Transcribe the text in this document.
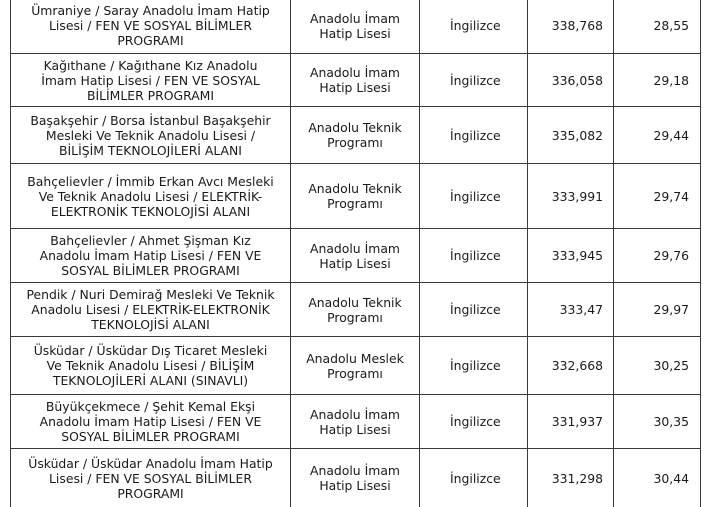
Ümraniye / Saray Anadolu İmam Hatip Lisesi / FEN VE SOSYAL BİLİMLER PROGRAMI	Anadolu İmam Hatip Lisesi	İngilizce	338,768	28,55
Kağıthane / Kağıthane Kız Anadolu İmam Hatip Lisesi / FEN VE SOSYAL BİLİMLER PROGRAMI	Anadolu İmam Hatip Lisesi	İngilizce	336,058	29,18
Başakşehir / Borsa İstanbul Başakşehir Mesleki Ve Teknik Anadolu Lisesi / BİLİŞİM TEKNOLOJİLERİ ALANI	Anadolu Teknik Programı	İngilizce	335,082	29,44
Bahçelievler / İmmib Erkan Avcı Mesleki Ve Teknik Anadolu Lisesi / ELEKTRİK-ELEKTRONİK TEKNOLOJİSİ ALANI	Anadolu Teknik Programı	İngilizce	333,991	29,74
Bahçelievler / Ahmet Şişman Kız Anadolu İmam Hatip Lisesi / FEN VE SOSYAL BİLİMLER PROGRAMI	Anadolu İmam Hatip Lisesi	İngilizce	333,945	29,76
Pendik / Nuri Demirağ Mesleki Ve Teknik Anadolu Lisesi / ELEKTRİK-ELEKTRONİK TEKNOLOJİSİ ALANI	Anadolu Teknik Programı	İngilizce	333,47	29,97
Üsküdar / Üsküdar Dış Ticaret Mesleki Ve Teknik Anadolu Lisesi / BİLİŞİM TEKNOLOJİLERİ ALANI (SINAVLI)	Anadolu Meslek Programı	İngilizce	332,668	30,25
Büyükçekmece / Şehit Kemal Ekşi Anadolu İmam Hatip Lisesi / FEN VE SOSYAL BİLİMLER PROGRAMI	Anadolu İmam Hatip Lisesi	İngilizce	331,937	30,35
Üsküdar / Üsküdar Anadolu İmam Hatip Lisesi / FEN VE SOSYAL BİLİMLER PROGRAMI	Anadolu İmam Hatip Lisesi	İngilizce	331,298	30,44
